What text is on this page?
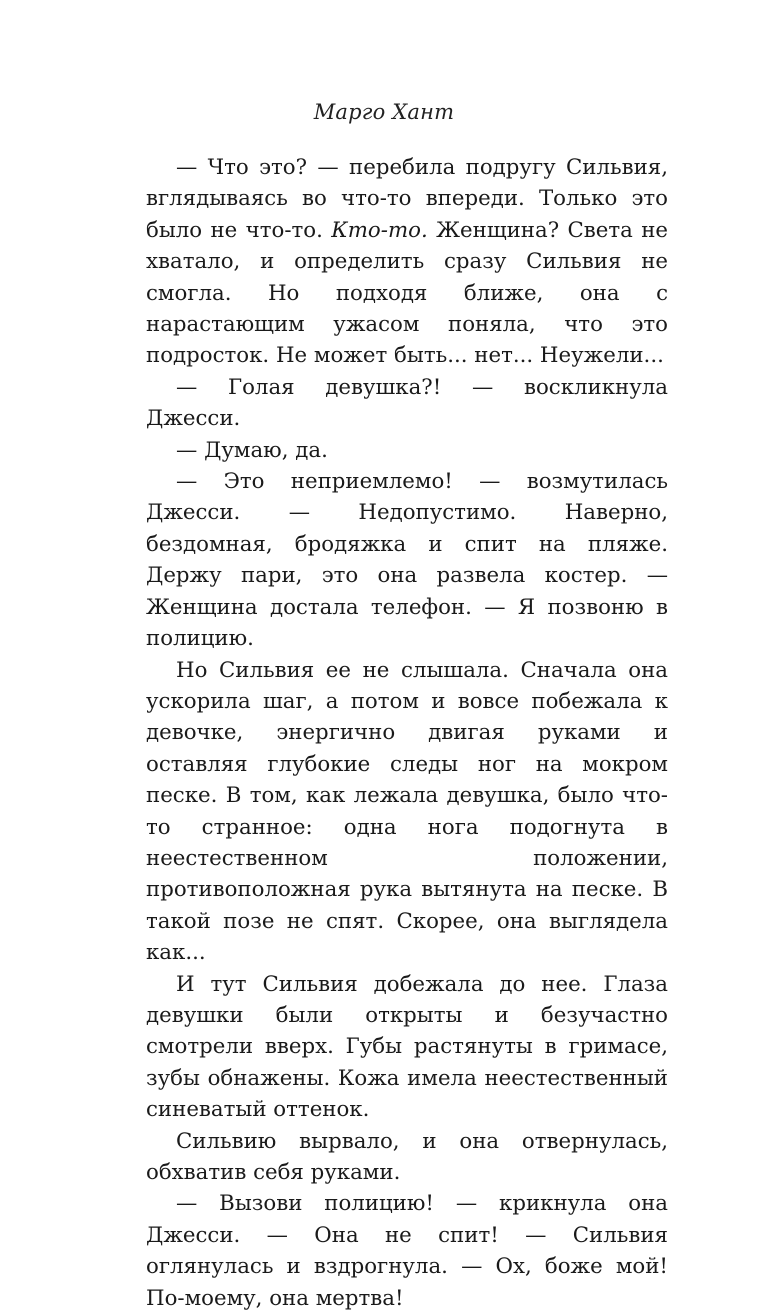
Марго Хант

— Что это? — перебила подругу Сильвия, вглядываясь во что-то впереди. Только это было не что-то. Кто-то. Женщина? Света не хватало, и определить сразу Сильвия не смогла. Но подходя ближе, она с нарастающим ужасом поняла, что это подросток. Не может быть... нет... Неужели...

— Голая девушка?! — воскликнула Джесси.

— Думаю, да.

— Это неприемлемо! — возмутилась Джесси. — Недопустимо. Наверно, бездомная, бродяжка и спит на пляже. Держу пари, это она развела костер. — Женщина достала телефон. — Я позвоню в полицию.

Но Сильвия ее не слышала. Сначала она ускорила шаг, а потом и вовсе побежала к девочке, энергично двигая руками и оставляя глубокие следы ног на мокром песке. В том, как лежала девушка, было что-то странное: одна нога подогнута в неестественном положении, противоположная рука вытянута на песке. В такой позе не спят. Скорее, она выглядела как...

И тут Сильвия добежала до нее. Глаза девушки были открыты и безучастно смотрели вверх. Губы растянуты в гримасе, зубы обнажены. Кожа имела неестественный синеватый оттенок.

Сильвию вырвало, и она отвернулась, обхватив себя руками.

— Вызови полицию! — крикнула она Джесси. — Она не спит! — Сильвия оглянулась и вздрогнула. — Ох, боже мой! По-моему, она мертва!
